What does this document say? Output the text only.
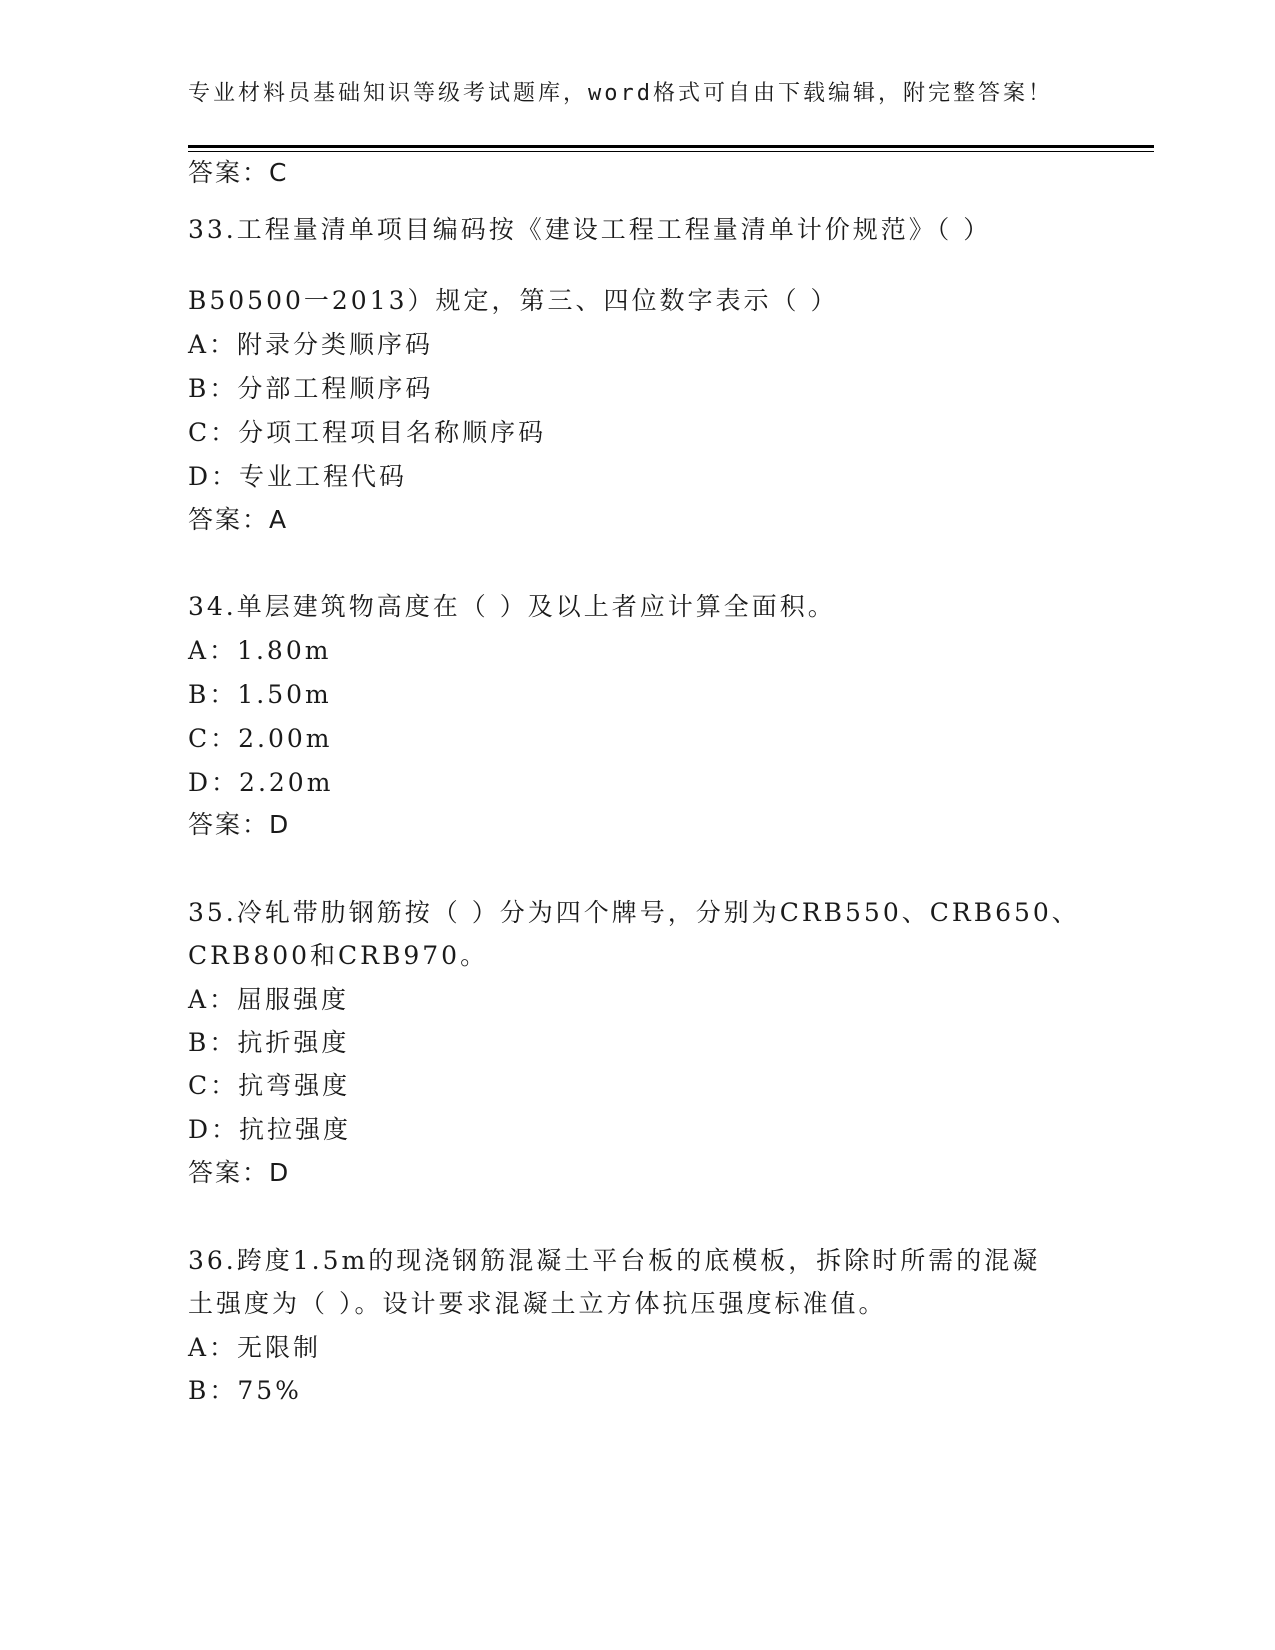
专业材料员基础知识等级考试题库，word格式可自由下载编辑，附完整答案！
答案：C
33.工程量清单项目编码按《建设工程工程量清单计价规范》（ ）
B50500一2013）规定，第三、四位数字表示（ ）
A：附录分类顺序码
B：分部工程顺序码
C：分项工程项目名称顺序码
D：专业工程代码
答案：A
34.单层建筑物高度在（ ）及以上者应计算全面积。
A：1.80m
B：1.50m
C：2.00m
D：2.20m
答案：D
35.冷轧带肋钢筋按（ ）分为四个牌号，分别为CRB550、CRB650、
CRB800和CRB970。
A：屈服强度
B：抗折强度
C：抗弯强度
D：抗拉强度
答案：D
36.跨度1.5m的现浇钢筋混凝土平台板的底模板，拆除时所需的混凝
土强度为（ ）。设计要求混凝土立方体抗压强度标准值。
A：无限制
B：75%
